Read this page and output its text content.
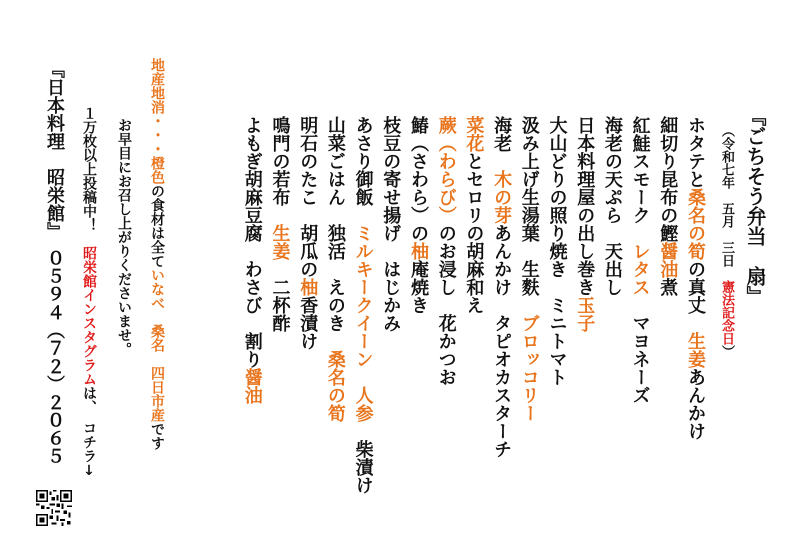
『ごちそう弁当　扇』
（令和七年　五月　三日　憲法記念日）
ホタテと桑名の筍の真丈　生姜あんかけ
細切り昆布の鰹醤油煮
紅鮭スモーク　レタス　マヨネーズ
海老の天ぷら　天出し
日本料理屋の出し巻き玉子
大山どりの照り焼き　ミニトマト
汲み上げ生湯葉　生麩　ブロッコリー
海老　木の芽あんかけ　タピオカスターチ
菜花とセロリの胡麻和え
蕨（わらび）のお浸し　花かつお
鰆（さわら）の柚庵焼き
枝豆の寄せ揚げ　はじかみ
あさり御飯　ミルキークイーン　人参　柴漬け
山菜ごはん　独活　えのき　桑名の筍
明石のたこ　胡瓜の柚香漬け
鳴門の若布　生姜　二杯酢
よもぎ胡麻豆腐　わさび　割り醤油
地産地消・・・橙色の食材は全ていなべ　桑名　四日市産です
お早目にお召し上がりくださいませ。
１万枚以上投稿中！　昭栄館インスタグラムは、　コチラ↓
『日本料理　昭栄館』　０５９４（７２）２０６５
